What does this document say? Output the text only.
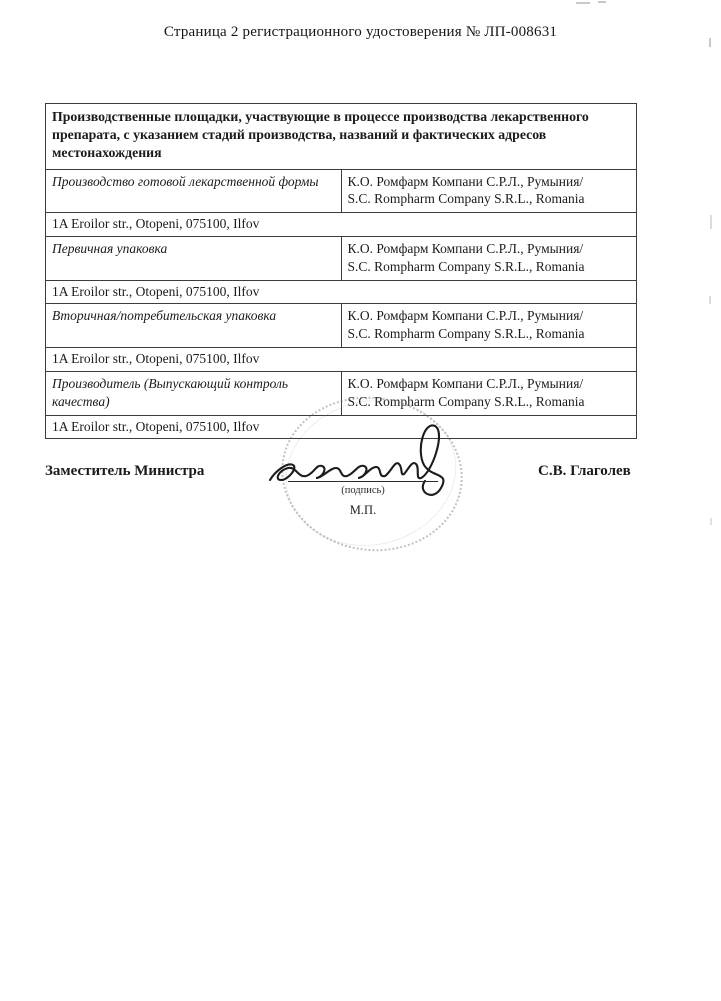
Страница 2 регистрационного удостоверения № ЛП-008631
Производственные площадки, участвующие в процессе производства лекарственного препарата, с указанием стадий производства, названий и фактических адресов местонахождения	
Производство готовой лекарственной формы	К.О. Ромфарм Компани С.Р.Л., Румыния/
S.C. Rompharm Company S.R.L., Romania

1A Eroilor str., Otopeni, 075100, Ilfov	
Первичная упаковка	К.О. Ромфарм Компани С.Р.Л., Румыния/
S.C. Rompharm Company S.R.L., Romania

1A Eroilor str., Otopeni, 075100, Ilfov	
Вторичная/потребительская упаковка	К.О. Ромфарм Компани С.Р.Л., Румыния/
S.C. Rompharm Company S.R.L., Romania

1A Eroilor str., Otopeni, 075100, Ilfov	
Производитель (Выпускающий контроль качества)	К.О. Ромфарм Компани С.Р.Л., Румыния/
S.C. Rompharm Company S.R.L., Romania

1A Eroilor str., Otopeni, 075100, Ilfov	
Заместитель Министра
(подпись)
М.П.
С.В. Глаголев
